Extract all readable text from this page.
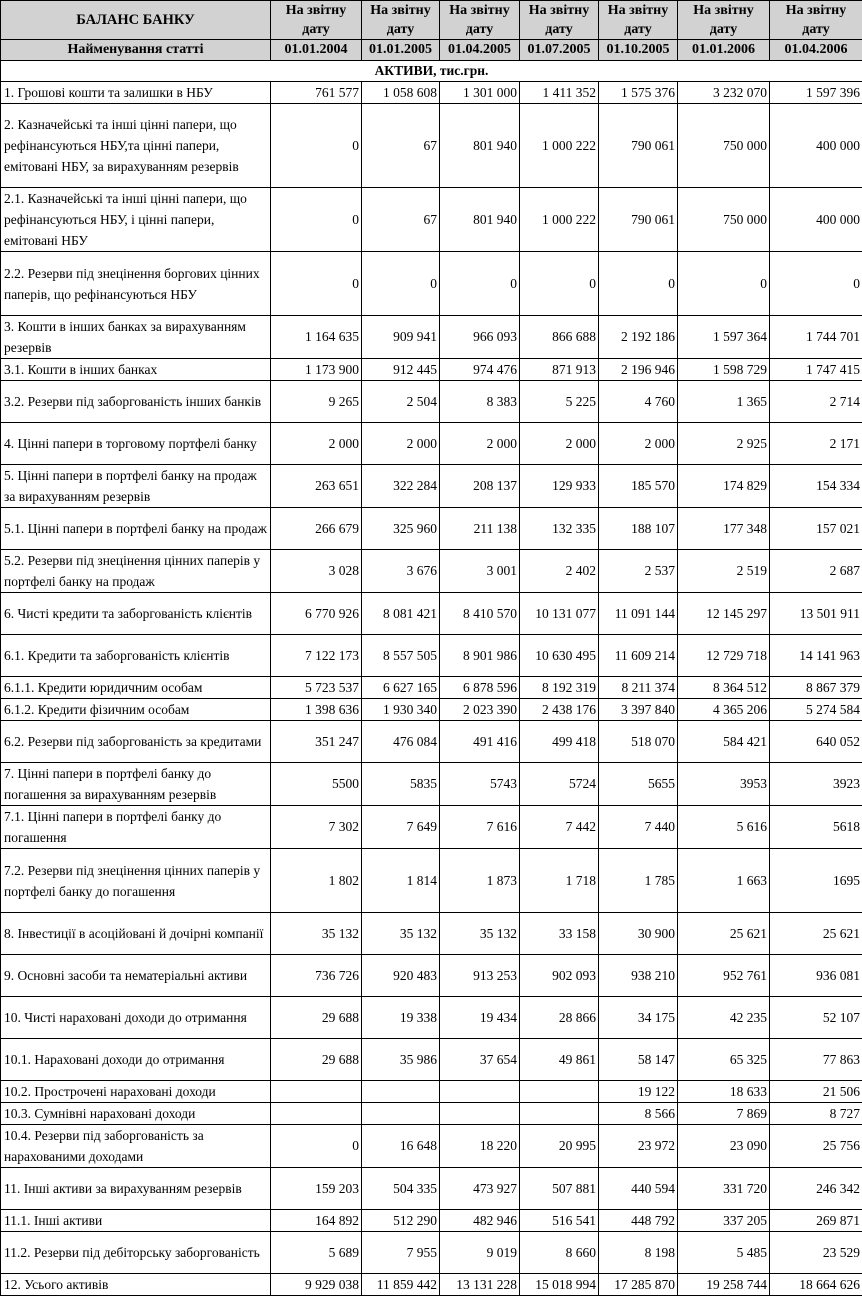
БАЛАНС БАНКУ	На звітну дату	На звітну дату	На звітну дату	На звітну дату	На звітну дату	На звітну дату	На звітну дату
Найменування статті	01.01.2004	01.01.2005	01.04.2005	01.07.2005	01.10.2005	01.01.2006	01.04.2006
АКТИВИ, тис.грн.							
1. Грошові кошти та залишки в НБУ	761 577	1 058 608	1 301 000	1 411 352	1 575 376	3 232 070	1 597 396
2. Казначейські та інші цінні папери, що рефінансуються НБУ,та цінні папери, емітовані НБУ, за вирахуванням резервів	0	67	801 940	1 000 222	790 061	750 000	400 000
2.1. Казначейські та інші цінні папери, що рефінансуються НБУ, і цінні папери, емітовані НБУ	0	67	801 940	1 000 222	790 061	750 000	400 000
2.2. Резерви під знецінення боргових цінних паперів, що рефінансуються НБУ	0	0	0	0	0	0	0
3. Кошти в інших банках за вирахуванням резервів	1 164 635	909 941	966 093	866 688	2 192 186	1 597 364	1 744 701
3.1. Кошти в інших банках	1 173 900	912 445	974 476	871 913	2 196 946	1 598 729	1 747 415
3.2. Резерви під заборгованість інших банків	9 265	2 504	8 383	5 225	4 760	1 365	2 714
4. Цінні папери в торговому портфелі банку	2 000	2 000	2 000	2 000	2 000	2 925	2 171
5. Цінні папери в портфелі банку на продаж за вирахуванням резервів	263 651	322 284	208 137	129 933	185 570	174 829	154 334
5.1. Цінні папери в портфелі банку на продаж	266 679	325 960	211 138	132 335	188 107	177 348	157 021
5.2. Резерви під знецінення цінних паперів у портфелі банку на продаж	3 028	3 676	3 001	2 402	2 537	2 519	2 687
6. Чисті кредити та заборгованість клієнтів	6 770 926	8 081 421	8 410 570	10 131 077	11 091 144	12 145 297	13 501 911
6.1. Кредити та заборгованість клієнтів	7 122 173	8 557 505	8 901 986	10 630 495	11 609 214	12 729 718	14 141 963
6.1.1. Кредити юридичним особам	5 723 537	6 627 165	6 878 596	8 192 319	8 211 374	8 364 512	8 867 379
6.1.2. Кредити фізичним особам	1 398 636	1 930 340	2 023 390	2 438 176	3 397 840	4 365 206	5 274 584
6.2. Резерви під заборгованість за кредитами	351 247	476 084	491 416	499 418	518 070	584 421	640 052
7. Цінні папери в портфелі банку до погашення за вирахуванням резервів	5500	5835	5743	5724	5655	3953	3923
7.1. Цінні папери в портфелі банку до погашення	7 302	7 649	7 616	7 442	7 440	5 616	5618
7.2. Резерви під знецінення цінних паперів у портфелі банку до погашення	1 802	1 814	1 873	1 718	1 785	1 663	1695
8. Інвестиції в асоційовані й дочірні компанії	35 132	35 132	35 132	33 158	30 900	25 621	25 621
9. Основні засоби та нематеріальні активи	736 726	920 483	913 253	902 093	938 210	952 761	936 081
10. Чисті нараховані доходи до отримання	29 688	19 338	19 434	28 866	34 175	42 235	52 107
10.1. Нараховані доходи до отримання	29 688	35 986	37 654	49 861	58 147	65 325	77 863
10.2. Прострочені нараховані доходи					19 122	18 633	21 506
10.3. Сумнівні нараховані доходи					8 566	7 869	8 727
10.4. Резерви під заборгованість за нарахованими доходами	0	16 648	18 220	20 995	23 972	23 090	25 756
11. Інші активи за вирахуванням резервів	159 203	504 335	473 927	507 881	440 594	331 720	246 342
11.1. Інші активи	164 892	512 290	482 946	516 541	448 792	337 205	269 871
11.2. Резерви під дебіторську заборгованість	5 689	7 955	9 019	8 660	8 198	5 485	23 529
12. Усього активів	9 929 038	11 859 442	13 131 228	15 018 994	17 285 870	19 258 744	18 664 626
